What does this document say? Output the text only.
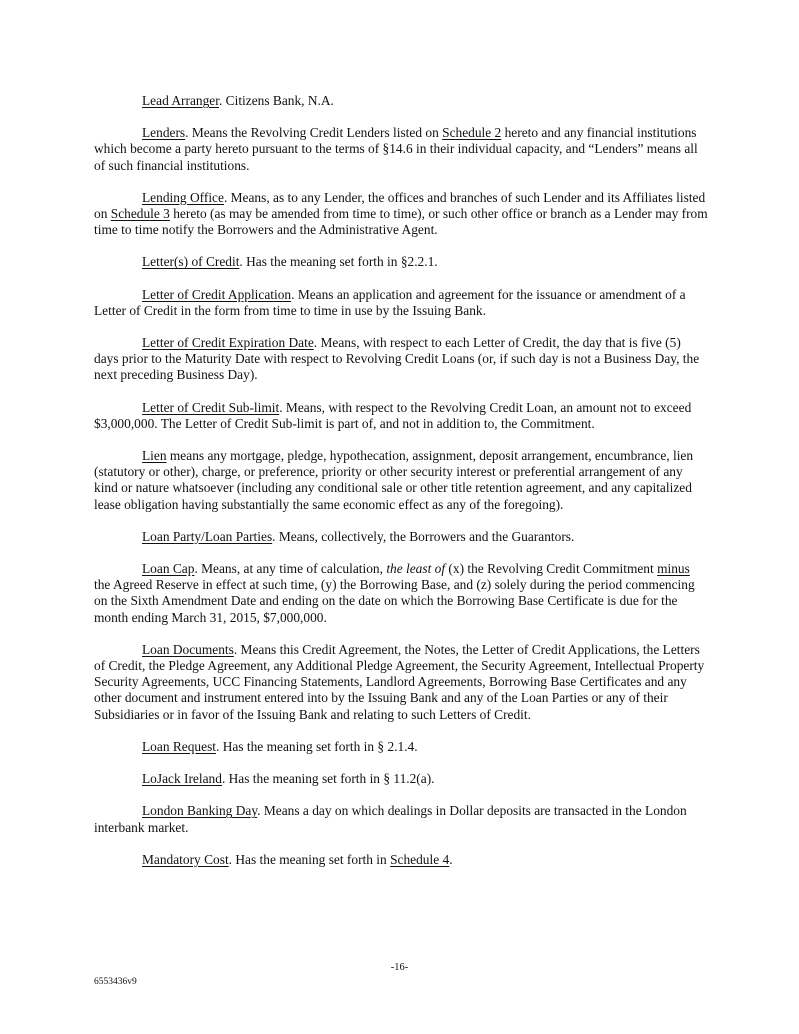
Lead Arranger. Citizens Bank, N.A.

Lenders. Means the Revolving Credit Lenders listed on Schedule 2 hereto and any financial institutions which become a party hereto pursuant to the terms of §14.6 in their individual capacity, and “Lenders” means all of such financial institutions.

Lending Office. Means, as to any Lender, the offices and branches of such Lender and its Affiliates listed on Schedule 3 hereto (as may be amended from time to time), or such other office or branch as a Lender may from time to time notify the Borrowers and the Administrative Agent.

Letter(s) of Credit. Has the meaning set forth in §2.2.1.

Letter of Credit Application. Means an application and agreement for the issuance or amendment of a Letter of Credit in the form from time to time in use by the Issuing Bank.

Letter of Credit Expiration Date. Means, with respect to each Letter of Credit, the day that is five (5) days prior to the Maturity Date with respect to Revolving Credit Loans (or, if such day is not a Business Day, the next preceding Business Day).

Letter of Credit Sub-limit. Means, with respect to the Revolving Credit Loan, an amount not to exceed $3,000,000. The Letter of Credit Sub-limit is part of, and not in addition to, the Commitment.

Lien means any mortgage, pledge, hypothecation, assignment, deposit arrangement, encumbrance, lien (statutory or other), charge, or preference, priority or other security interest or preferential arrangement of any kind or nature whatsoever (including any conditional sale or other title retention agreement, and any capitalized lease obligation having substantially the same economic effect as any of the foregoing).

Loan Party/Loan Parties. Means, collectively, the Borrowers and the Guarantors.

Loan Cap. Means, at any time of calculation, the least of (x) the Revolving Credit Commitment minus the Agreed Reserve in effect at such time, (y) the Borrowing Base, and (z) solely during the period commencing on the Sixth Amendment Date and ending on the date on which the Borrowing Base Certificate is due for the month ending March 31, 2015, $7,000,000.

Loan Documents. Means this Credit Agreement, the Notes, the Letter of Credit Applications, the Letters of Credit, the Pledge Agreement, any Additional Pledge Agreement, the Security Agreement, Intellectual Property Security Agreements, UCC Financing Statements, Landlord Agreements, Borrowing Base Certificates and any other document and instrument entered into by the Issuing Bank and any of the Loan Parties or any of their Subsidiaries or in favor of the Issuing Bank and relating to such Letters of Credit.

Loan Request. Has the meaning set forth in § 2.1.4.

LoJack Ireland. Has the meaning set forth in § 11.2(a).

London Banking Day. Means a day on which dealings in Dollar deposits are transacted in the London interbank market.

Mandatory Cost. Has the meaning set forth in Schedule 4.

-16-
6553436v9
